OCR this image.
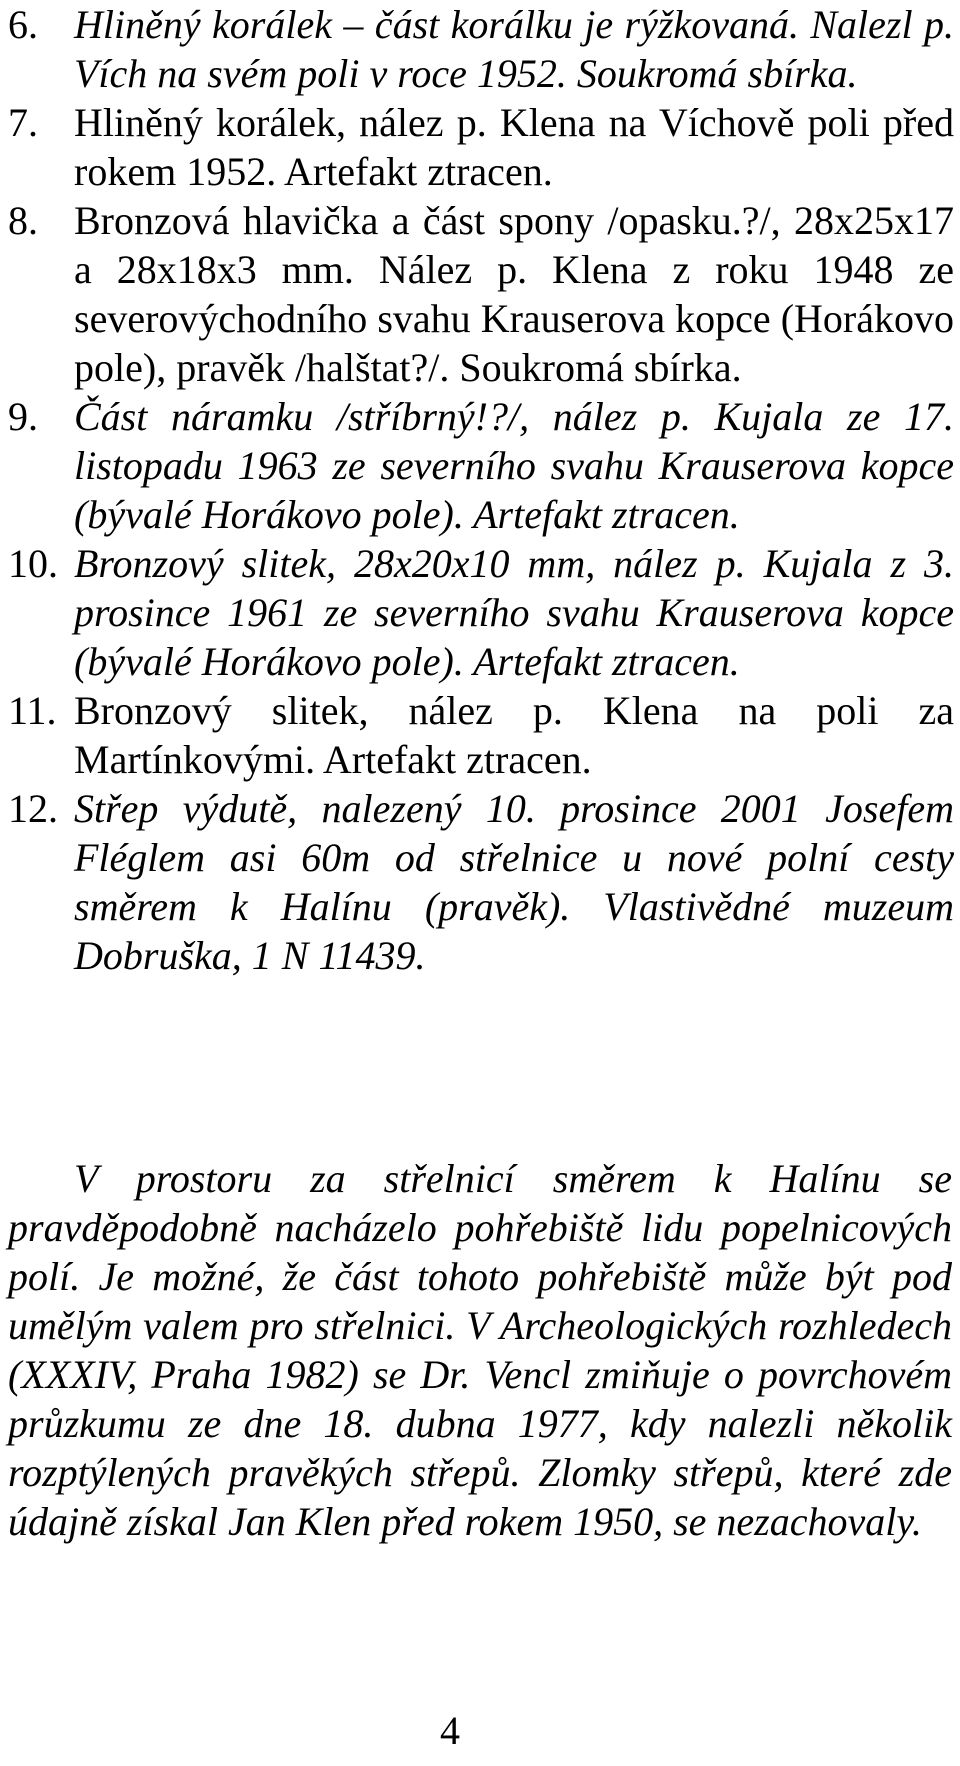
6. Hliněný korálek – část korálku je rýžkovaná. Nalezl p. Vích na svém poli v roce 1952. Soukromá sbírka.
7. Hliněný korálek, nález p. Klena na Víchově poli před rokem 1952. Artefakt ztracen.
8. Bronzová hlavička a část spony /opasku.?/, 28x25x17 a 28x18x3 mm. Nález p. Klena z roku 1948 ze severovýchodního svahu Krauserova kopce (Horákovo pole), pravěk /halštat?/. Soukromá sbírka.
9. Část náramku /stříbrný!?/, nález p. Kujala ze 17. listopadu 1963 ze severního svahu Krauserova kopce (bývalé Horákovo pole). Artefakt ztracen.
10. Bronzový slitek, 28x20x10 mm, nález p. Kujala z 3. prosince 1961 ze severního svahu Krauserova kopce (bývalé Horákovo pole). Artefakt ztracen.
11. Bronzový slitek, nález p. Klena na poli za Martínkovými. Artefakt ztracen.
12. Střep výdutě, nalezený 10. prosince 2001 Josefem Fléglem asi 60m od střelnice u nové polní cesty směrem k Halínu (pravěk). Vlastivědné muzeum Dobruška, 1 N 11439.

V prostoru za střelnicí směrem k Halínu se pravděpodobně nacházelo pohřebiště lidu popelnicových polí. Je možné, že část tohoto pohřebiště může být pod umělým valem pro střelnici. V Archeologických rozhledech (XXXIV, Praha 1982) se Dr. Vencl zmiňuje o povrchovém průzkumu ze dne 18. dubna 1977, kdy nalezli několik rozptýlených pravěkých střepů. Zlomky střepů, které zde údajně získal Jan Klen před rokem 1950, se nezachovaly.

4
